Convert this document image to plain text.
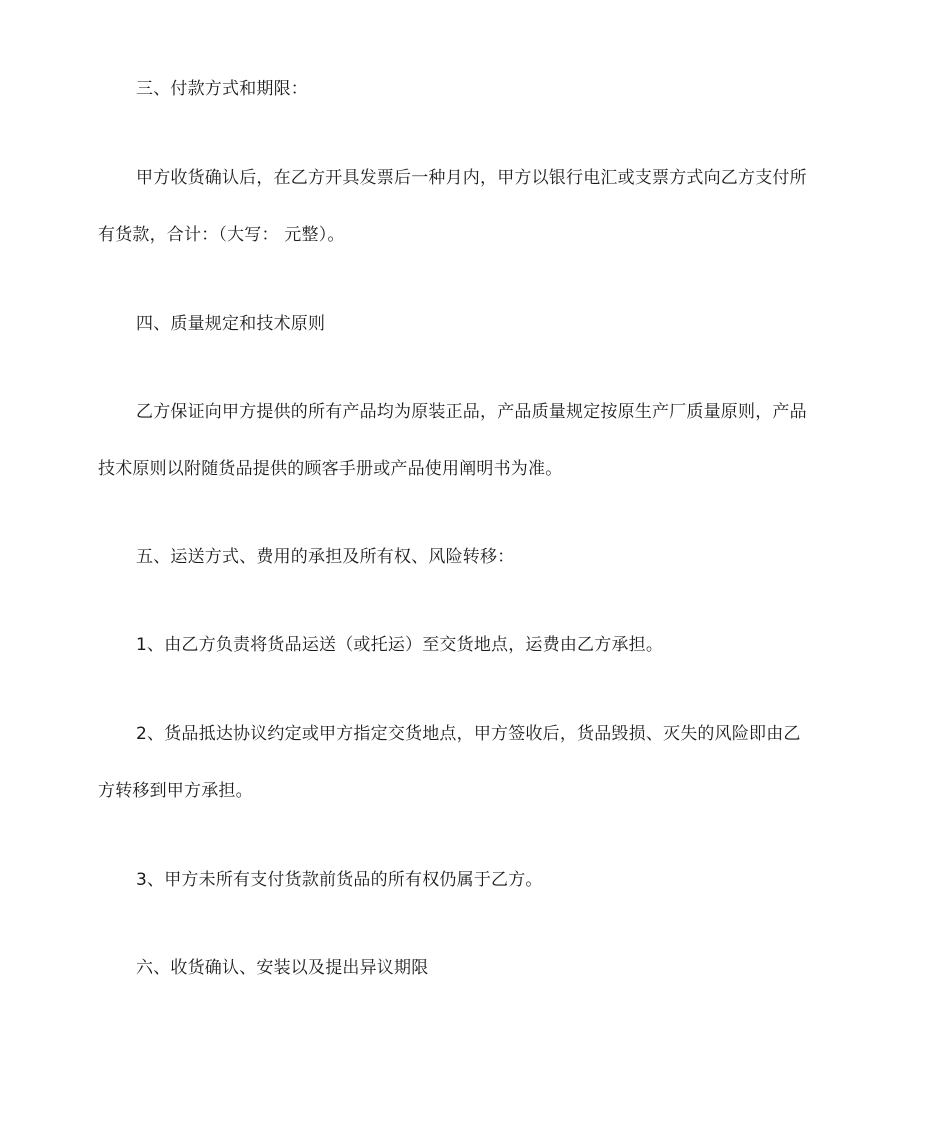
三、付款方式和期限：
甲方收货确认后，在乙方开具发票后一种月内，甲方以银行电汇或支票方式向乙方支付所
有货款，合计：（大写： 元整）。
四、质量规定和技术原则
乙方保证向甲方提供的所有产品均为原装正品，产品质量规定按原生产厂质量原则，产品
技术原则以附随货品提供的顾客手册或产品使用阐明书为准。
五、运送方式、费用的承担及所有权、风险转移：
1、由乙方负责将货品运送（或托运）至交货地点，运费由乙方承担。
2、货品抵达协议约定或甲方指定交货地点，甲方签收后，货品毁损、灭失的风险即由乙
方转移到甲方承担。
3、甲方未所有支付货款前货品的所有权仍属于乙方。
六、收货确认、安装以及提出异议期限
